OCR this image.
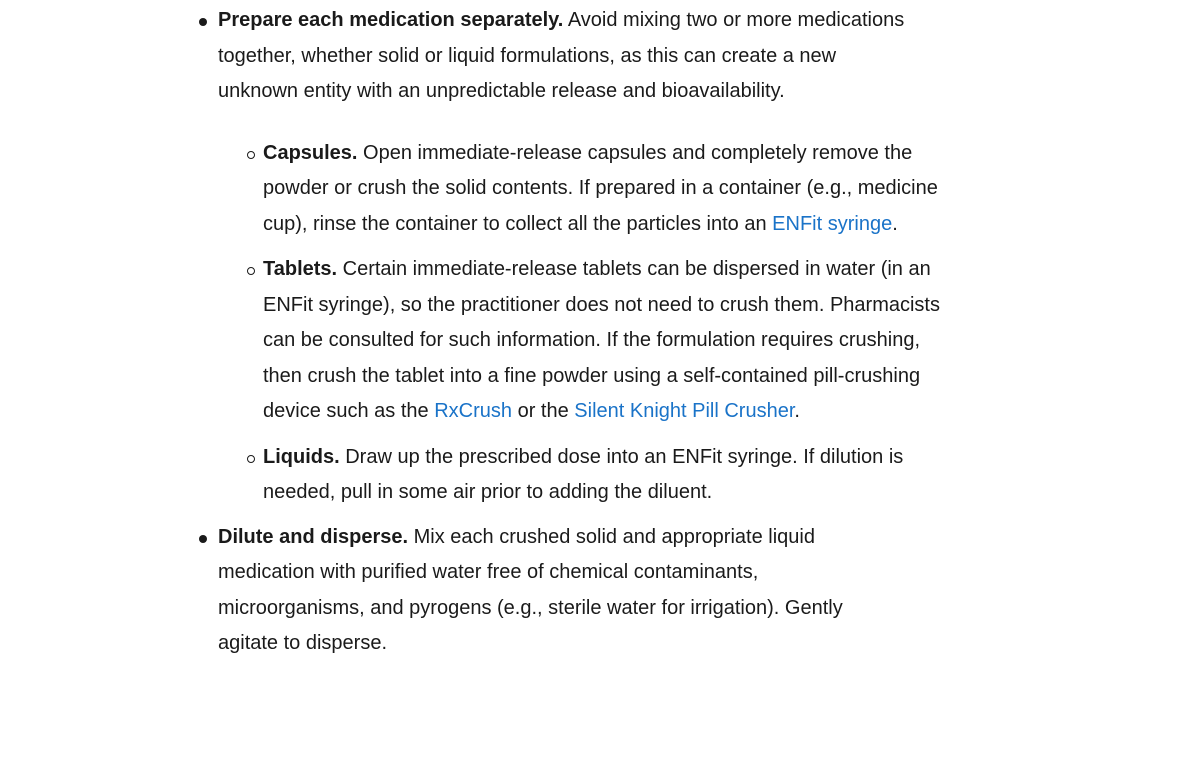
Prepare each medication separately. Avoid mixing two or more medications together, whether solid or liquid formulations, as this can create a new unknown entity with an unpredictable release and bioavailability.
Capsules. Open immediate-release capsules and completely remove the powder or crush the solid contents. If prepared in a container (e.g., medicine cup), rinse the container to collect all the particles into an ENFit syringe.
Tablets. Certain immediate-release tablets can be dispersed in water (in an ENFit syringe), so the practitioner does not need to crush them. Pharmacists can be consulted for such information. If the formulation requires crushing, then crush the tablet into a fine powder using a self-contained pill-crushing device such as the RxCrush or the Silent Knight Pill Crusher.
Liquids. Draw up the prescribed dose into an ENFit syringe. If dilution is needed, pull in some air prior to adding the diluent.
Dilute and disperse. Mix each crushed solid and appropriate liquid medication with purified water free of chemical contaminants, microorganisms, and pyrogens (e.g., sterile water for irrigation). Gently agitate to disperse.
